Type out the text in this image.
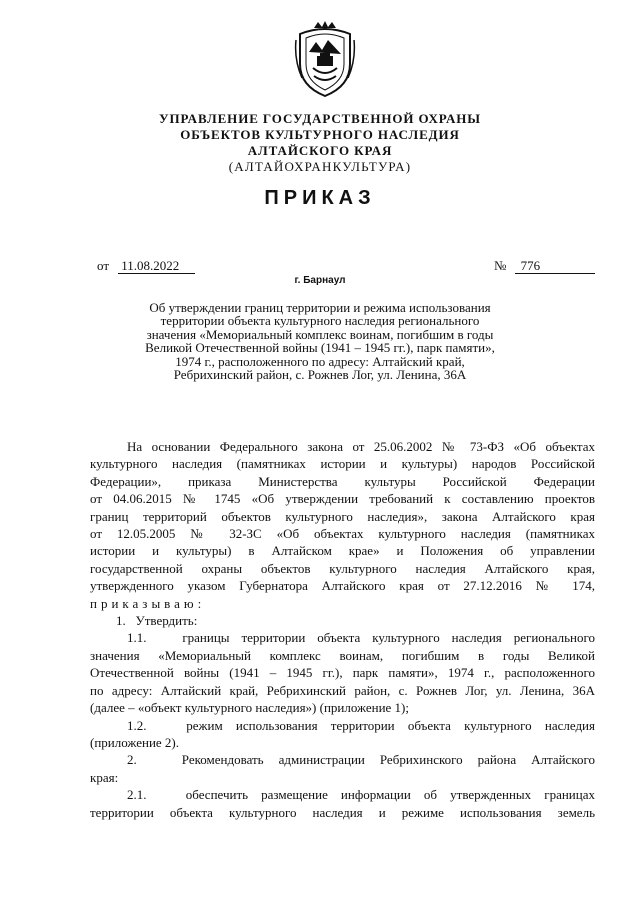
УПРАВЛЕНИЕ ГОСУДАРСТВЕННОЙ ОХРАНЫ
ОБЪЕКТОВ КУЛЬТУРНОГО НАСЛЕДИЯ
АЛТАЙСКОГО КРАЯ
(АЛТАЙОХРАНКУЛЬТУРА)
ПРИКАЗ
от 11.08.2022	№ 776
г. Барнаул
Об утверждении границ территории и режима использования
территории объекта культурного наследия регионального
значения «Мемориальный комплекс воинам, погибшим в годы
Великой Отечественной войны (1941 – 1945 гг.), парк памяти»,
1974 г., расположенного по адресу: Алтайский край,
Ребрихинский район, с. Рожнев Лог, ул. Ленина, 36А

На основании Федерального закона от 25.06.2002 № 73-ФЗ «Об объектах

культурного наследия (памятниках истории и культуры) народов Российской

Федерации», приказа Министерства культуры Российской Федерации

от 04.06.2015 № 1745 «Об утверждении требований к составлению проектов

границ территорий объектов культурного наследия», закона Алтайского края

от 12.05.2005 № 32-ЗС «Об объектах культурного наследия (памятниках

истории и культуры) в Алтайском крае» и Положения об управлении

государственной охраны объектов культурного наследия Алтайского края,

утвержденного указом Губернатора Алтайского края от 27.12.2016 № 174,

приказываю:

1.   Утвердить:

1.1.   границы территории объекта культурного наследия регионального

значения «Мемориальный комплекс воинам, погибшим в годы Великой

Отечественной войны (1941 – 1945 гг.), парк памяти», 1974 г., расположенного

по адресу: Алтайский край, Ребрихинский район, с. Рожнев Лог, ул. Ленина, 36А

(далее – «объект культурного наследия») (приложение 1);

1.2.   режим использования территории объекта культурного наследия

(приложение 2).

2.   Рекомендовать администрации Ребрихинского района Алтайского

края:

2.1.   обеспечить размещение информации об утвержденных границах

территории объекта культурного наследия и режиме использования земель
